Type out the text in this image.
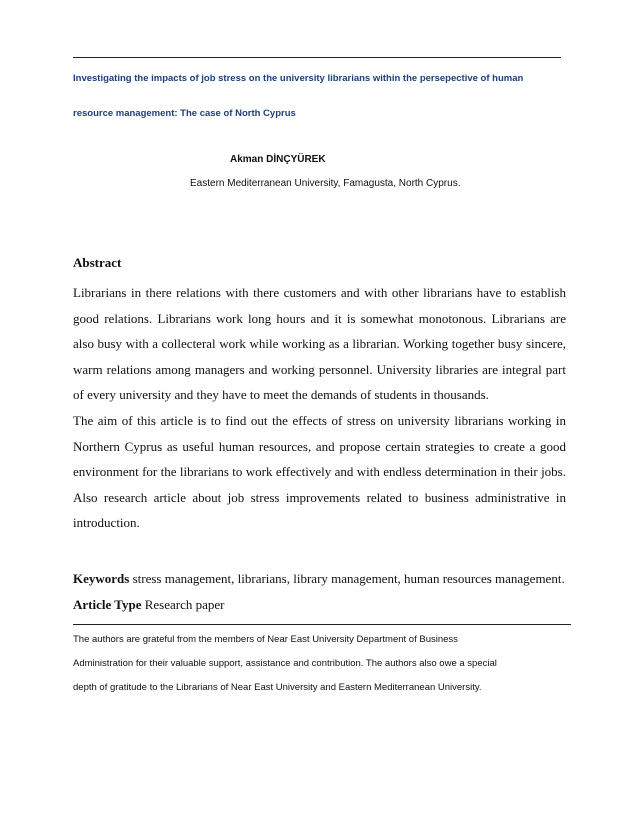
Investigating the impacts of job stress on the university librarians within the persepective of human
resource management: The case of North Cyprus
Akman DİNÇYÜREK
Eastern Mediterranean University, Famagusta, North Cyprus.
Abstract

Librarians in there relations with there customers and with other librarians have to establish good relations. Librarians work long hours and it is somewhat monotonous. Librarians are also busy with a collecteral work while working as a librarian. Working together busy sincere, warm relations among managers and working personnel. University libraries are integral part of every university and they have to meet the demands of students in thousands.

The aim of this article is to find out the effects of stress on university librarians working in Northern Cyprus as useful human resources, and propose certain strategies to create a good environment for the librarians to work effectively and with endless determination in their jobs. Also research article about job stress improvements related to business administrative in introduction.

Keywords stress management, librarians, library management, human resources management.
Article Type Research paper
The authors are grateful from the members of Near East University Department of Business
Administration for their valuable support, assistance and contribution. The authors also owe a special
depth of gratitude to the Librarians of Near East University and Eastern Mediterranean University.
